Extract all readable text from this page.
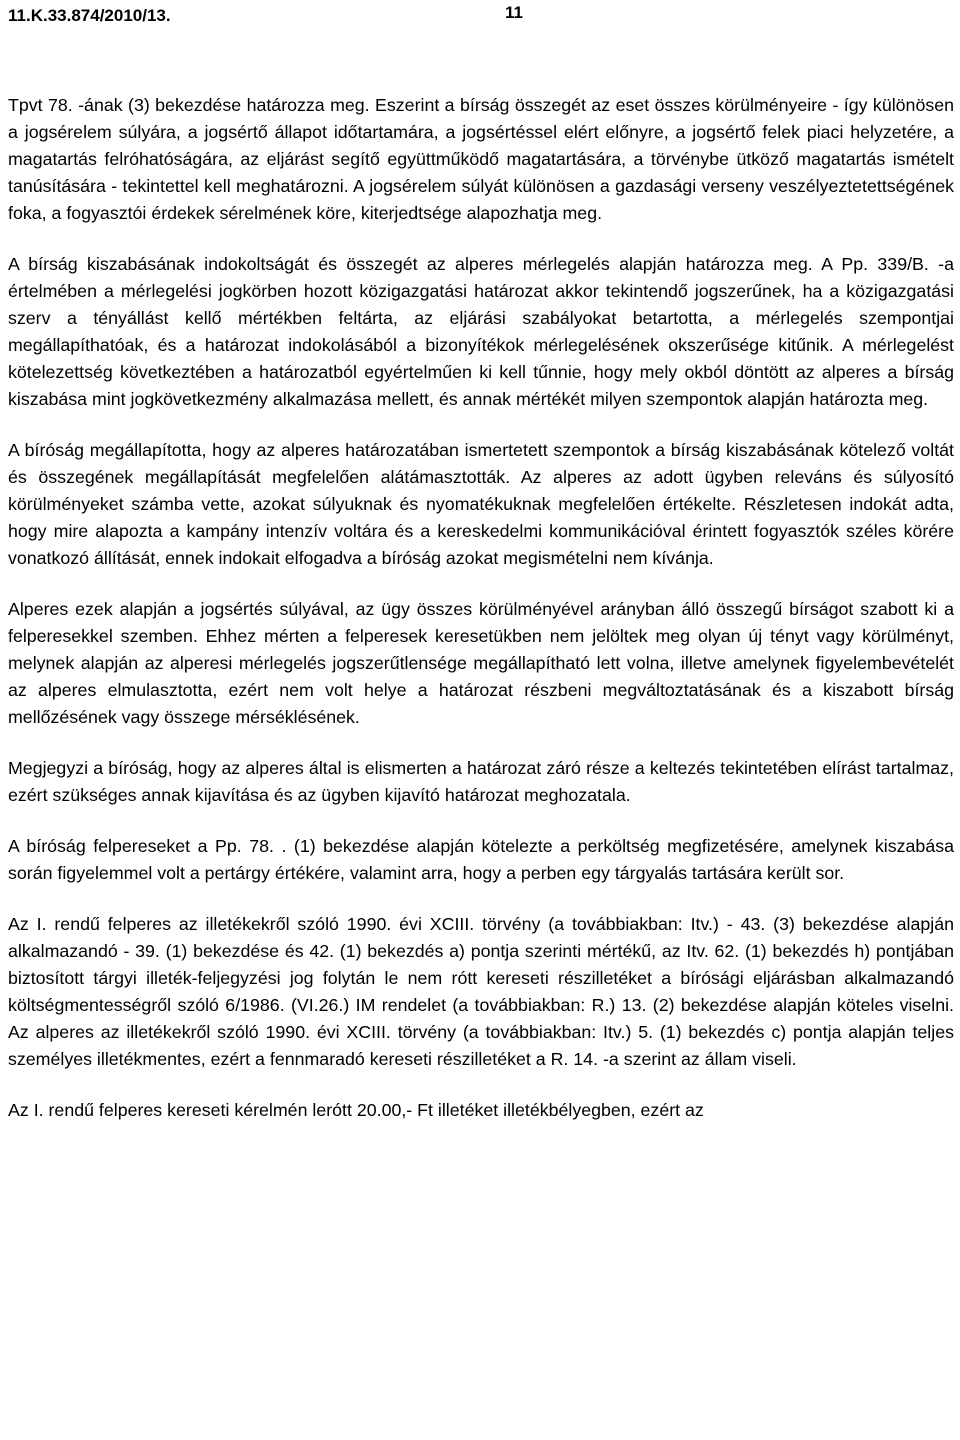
11.K.33.874/2010/13.	11

Tpvt 78. -ának (3) bekezdése határozza meg. Eszerint a bírság összegét az eset összes körülményeire - így különösen a jogsérelem súlyára, a jogsértő állapot időtartamára, a jogsértéssel elért előnyre, a jogsértő felek piaci helyzetére, a magatartás felróhatóságára, az eljárást segítő együttműködő magatartására, a törvénybe ütköző magatartás ismételt tanúsítására - tekintettel kell meghatározni. A jogsérelem súlyát különösen a gazdasági verseny veszélyeztetettségének foka, a fogyasztói érdekek sérelmének köre, kiterjedtsége alapozhatja meg.

A bírság kiszabásának indokoltságát és összegét az alperes mérlegelés alapján határozza meg. A Pp. 339/B. -a értelmében a mérlegelési jogkörben hozott közigazgatási határozat akkor tekintendő jogszerűnek, ha a közigazgatási szerv a tényállást kellő mértékben feltárta, az eljárási szabályokat betartotta, a mérlegelés szempontjai megállapíthatóak, és a határozat indokolásából a bizonyítékok mérlegelésének okszerűsége kitűnik. A mérlegelést kötelezettség következtében a határozatból egyértelműen ki kell tűnnie, hogy mely okból döntött az alperes a bírság kiszabása mint jogkövetkezmény alkalmazása mellett, és annak mértékét milyen szempontok alapján határozta meg.

A bíróság megállapította, hogy az alperes határozatában ismertetett szempontok a bírság kiszabásának kötelező voltát és összegének megállapítását megfelelően alátámasztották. Az alperes az adott ügyben releváns és súlyosító körülményeket számba vette, azokat súlyuknak és nyomatékuknak megfelelően értékelte. Részletesen indokát adta, hogy mire alapozta a kampány intenzív voltára és a kereskedelmi kommunikációval érintett fogyasztók széles körére vonatkozó állítását, ennek indokait elfogadva a bíróság azokat megismételni nem kívánja.

Alperes ezek alapján a jogsértés súlyával, az ügy összes körülményével arányban álló összegű bírságot szabott ki a felperesekkel szemben. Ehhez mérten a felperesek keresetükben nem jelöltek meg olyan új tényt vagy körülményt, melynek alapján az alperesi mérlegelés jogszerűtlensége megállapítható lett volna, illetve amelynek figyelembevételét az alperes elmulasztotta, ezért nem volt helye a határozat részbeni megváltoztatásának és a kiszabott bírság mellőzésének vagy összege mérséklésének.

Megjegyzi a bíróság, hogy az alperes által is elismerten a határozat záró része a keltezés tekintetében elírást tartalmaz, ezért szükséges annak kijavítása és az ügyben kijavító határozat meghozatala.

A bíróság felpereseket a Pp. 78. . (1) bekezdése alapján kötelezte a perköltség megfizetésére, amelynek kiszabása során figyelemmel volt a pertárgy értékére, valamint arra, hogy a perben egy tárgyalás tartására került sor.

Az I. rendű felperes az illetékekről szóló 1990. évi XCIII. törvény (a továbbiakban: Itv.) - 43. (3) bekezdése alapján alkalmazandó - 39. (1) bekezdése és 42. (1) bekezdés a) pontja szerinti mértékű, az Itv. 62. (1) bekezdés h) pontjában biztosított tárgyi illeték-feljegyzési jog folytán le nem rótt kereseti részilletéket a bírósági eljárásban alkalmazandó költségmentességről szóló 6/1986. (VI.26.) IM rendelet (a továbbiakban: R.) 13. (2) bekezdése alapján köteles viselni. Az alperes az illetékekről szóló 1990. évi XCIII. törvény (a továbbiakban: Itv.) 5. (1) bekezdés c) pontja alapján teljes személyes illetékmentes, ezért a fennmaradó kereseti részilletéket a R. 14. -a szerint az állam viseli.

Az I. rendű felperes kereseti kérelmén lerótt 20.00,- Ft illetéket illetékbélyegben, ezért az
